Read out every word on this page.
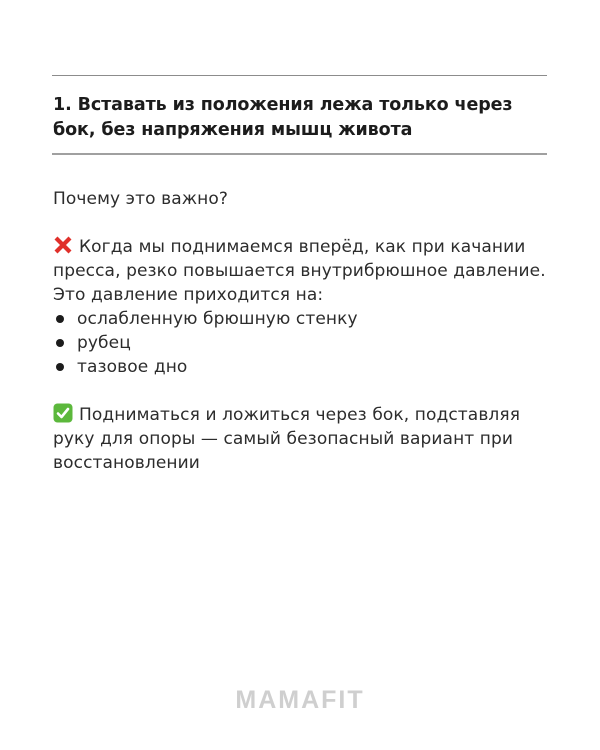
1. Вставать из положения лежа только через бок, без напряжения мышц живота

Почему это важно?

Когда мы поднимаемся вперёд, как при качании пресса, резко повышается внутрибрюшное давление. Это давление приходится на:

ослабленную брюшную стенку
рубец
тазовое дно

Подниматься и ложиться через бок, подставляя руку для опоры — самый безопасный вариант при восстановлении

MAMAFIT
